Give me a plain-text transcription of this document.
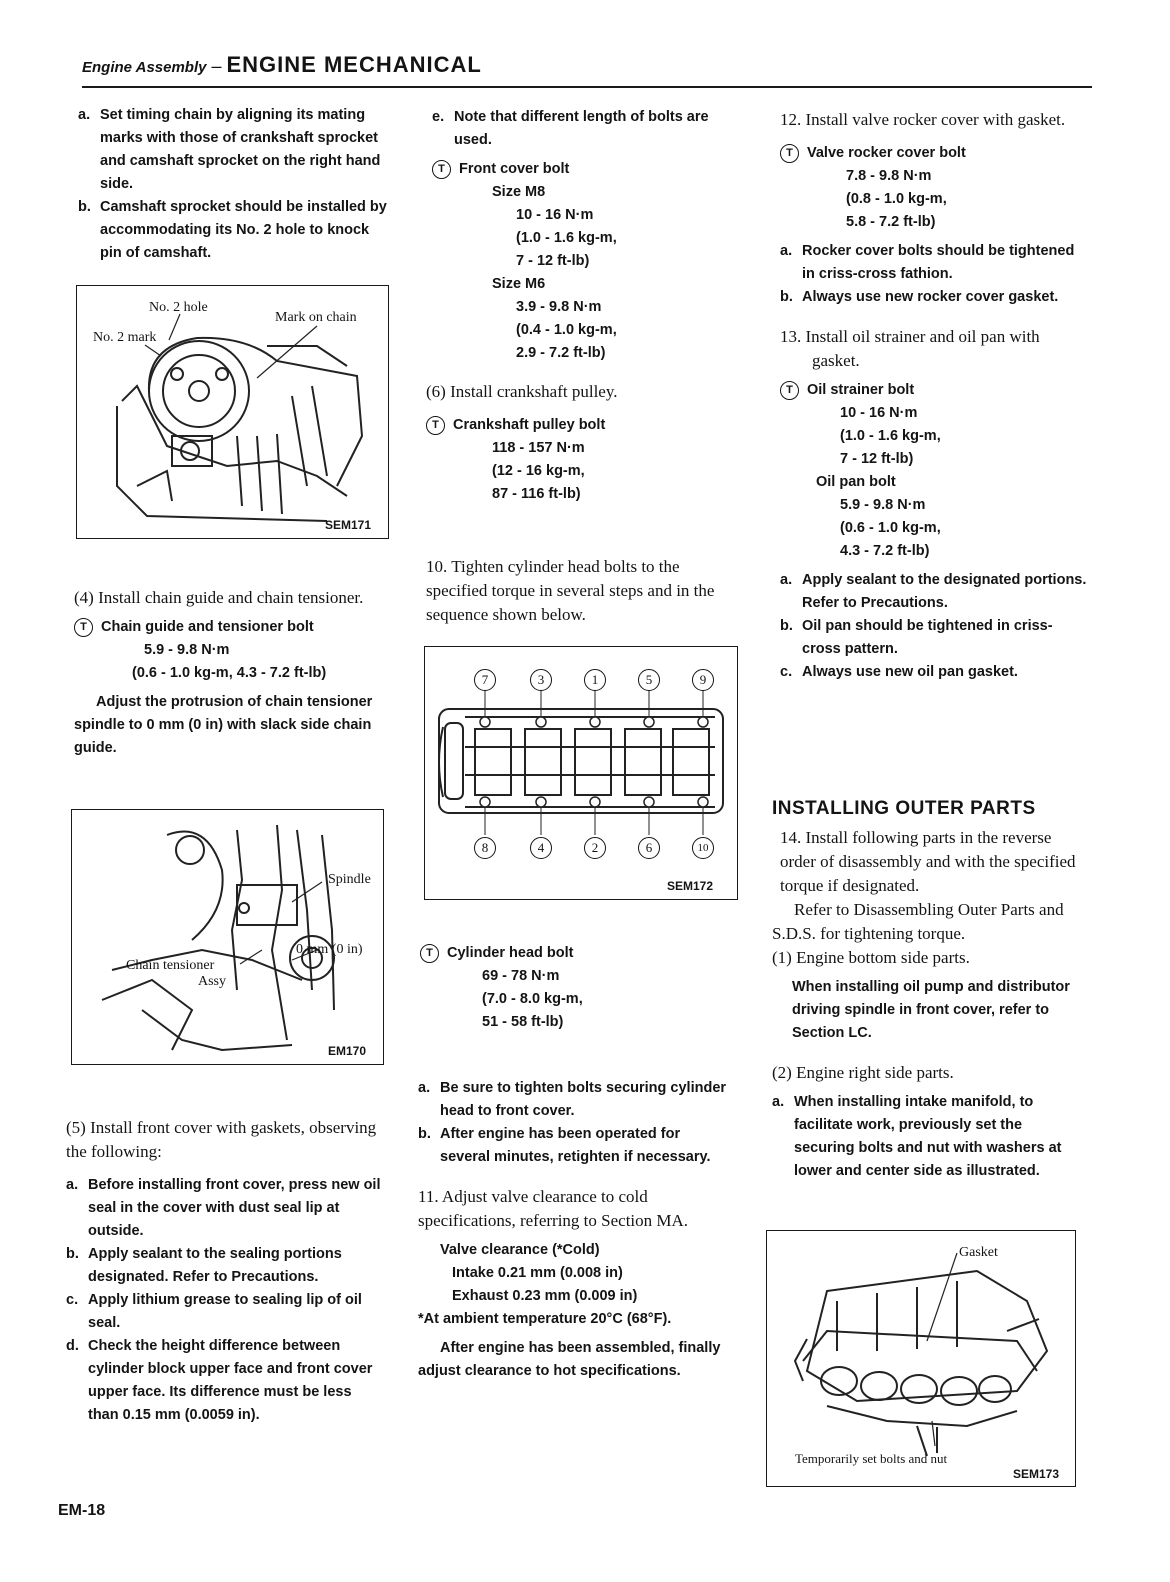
Engine Assembly – ENGINE MECHANICAL
a. Set timing chain by aligning its mating marks with those of crankshaft sprocket and camshaft sprocket on the right hand side.
b. Camshaft sprocket should be installed by accommodating its No. 2 hole to knock pin of camshaft.
No. 2 hole
No. 2 mark
Mark on chain
SEM171
(4) Install chain guide and chain tensioner.
T Chain guide and tensioner bolt
5.9 - 9.8 N·m
(0.6 - 1.0 kg-m, 4.3 - 7.2 ft-lb)
Adjust the protrusion of chain tensioner spindle to 0 mm (0 in) with slack side chain guide.
Spindle
0 mm (0 in)
Chain tensioner
Assy
EM170
(5) Install front cover with gaskets, observing the following:
a. Before installing front cover, press new oil seal in the cover with dust seal lip at outside.
b. Apply sealant to the sealing portions designated. Refer to Precautions.
c. Apply lithium grease to sealing lip of oil seal.
d. Check the height difference between cylinder block upper face and front cover upper face. Its difference must be less than 0.15 mm (0.0059 in).
e. Note that different length of bolts are used.
T Front cover bolt
Size M8
10 - 16 N·m
(1.0 - 1.6 kg-m,
7 - 12 ft-lb)
Size M6
3.9 - 9.8 N·m
(0.4 - 1.0 kg-m,
2.9 - 7.2 ft-lb)
(6) Install crankshaft pulley.
T Crankshaft pulley bolt
118 - 157 N·m
(12 - 16 kg-m,
87 - 116 ft-lb)
10. Tighten cylinder head bolts to the specified torque in several steps and in the sequence shown below.
7	3	1	5	9
8	4	2	6	10
SEM172
T Cylinder head bolt
69 - 78 N·m
(7.0 - 8.0 kg-m,
51 - 58 ft-lb)
a. Be sure to tighten bolts securing cylinder head to front cover.
b. After engine has been operated for several minutes, retighten if necessary.
11. Adjust valve clearance to cold specifications, referring to Section MA.
Valve clearance (*Cold)
Intake 0.21 mm (0.008 in)
Exhaust 0.23 mm (0.009 in)
*At ambient temperature 20°C (68°F).
After engine has been assembled, finally adjust clearance to hot specifications.
12. Install valve rocker cover with gasket.
T Valve rocker cover bolt
7.8 - 9.8 N·m
(0.8 - 1.0 kg-m,
5.8 - 7.2 ft-lb)
a. Rocker cover bolts should be tightened in criss-cross fathion.
b. Always use new rocker cover gasket.
13. Install oil strainer and oil pan with gasket.
T Oil strainer bolt
10 - 16 N·m
(1.0 - 1.6 kg-m,
7 - 12 ft-lb)
Oil pan bolt
5.9 - 9.8 N·m
(0.6 - 1.0 kg-m,
4.3 - 7.2 ft-lb)
a. Apply sealant to the designated portions. Refer to Precautions.
b. Oil pan should be tightened in criss-cross pattern.
c. Always use new oil pan gasket.
INSTALLING OUTER PARTS
14. Install following parts in the reverse order of disassembly and with the specified torque if designated.
Refer to Disassembling Outer Parts and S.D.S. for tightening torque.
(1) Engine bottom side parts.
When installing oil pump and distributor driving spindle in front cover, refer to Section LC.
(2) Engine right side parts.
a. When installing intake manifold, to facilitate work, previously set the securing bolts and nut with washers at lower and center side as illustrated.
Gasket
Temporarily set bolts and nut
SEM173
EM-18
